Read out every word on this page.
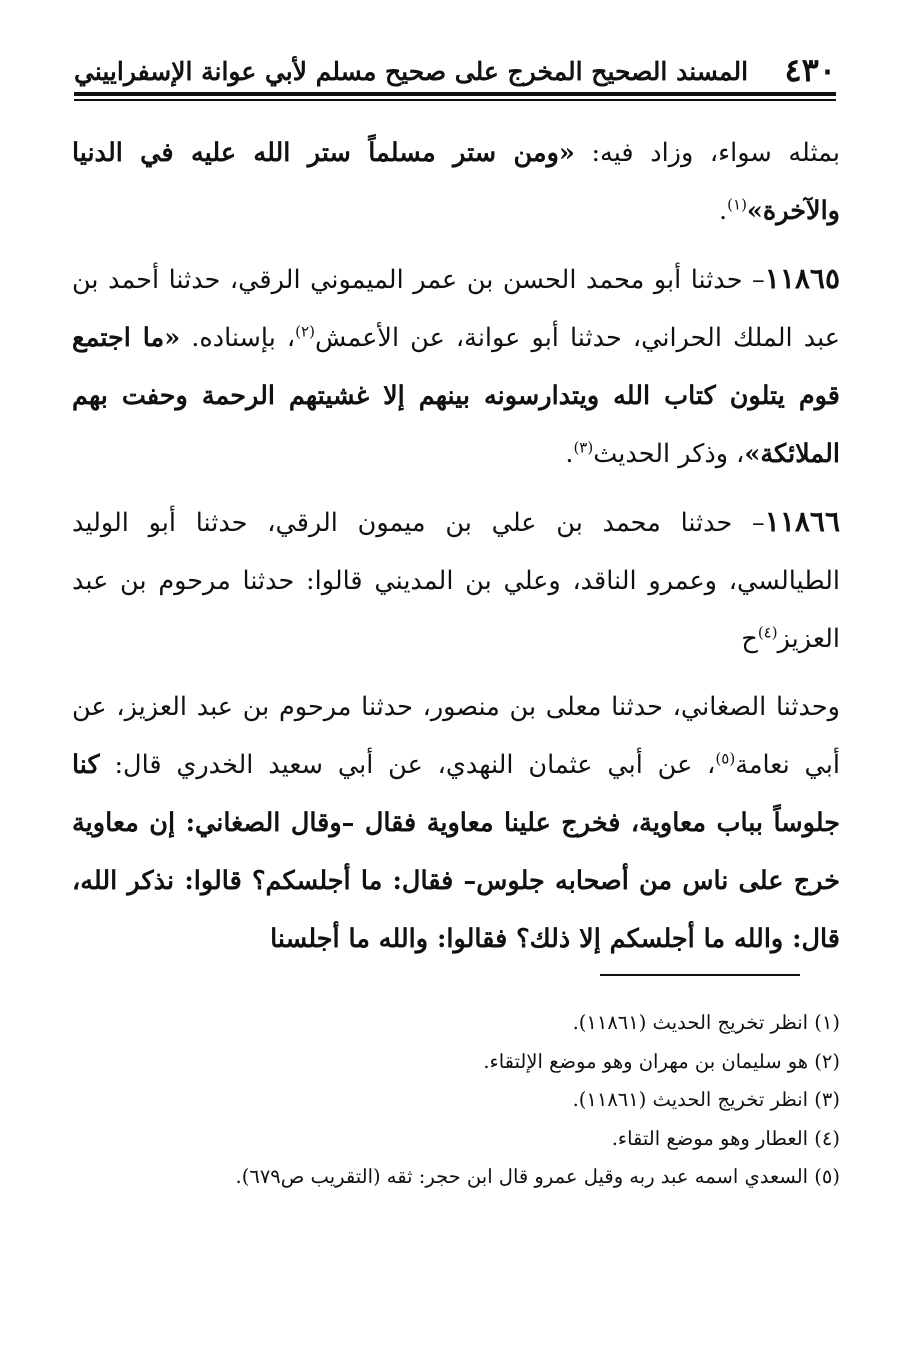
٤٣٠
المسند الصحيح المخرج على صحيح مسلم لأبي عوانة الإسفراييني

بمثله سواء، وزاد فيه: «ومن ستر مسلماً ستر الله عليه في الدنيا والآخرة»$^{(١)}$.

١١٨٦٥– حدثنا أبو محمد الحسن بن عمر الميموني الرقي، حدثنا أحمد بن عبد الملك الحراني، حدثنا أبو عوانة، عن الأعمش$^{(٢)}$، بإسناده. «ما اجتمع قوم يتلون كتاب الله ويتدارسونه بينهم إلا غشيتهم الرحمة وحفت بهم الملائكة»، وذكر الحديث$^{(٣)}$.

١١٨٦٦– حدثنا محمد بن علي بن ميمون الرقي، حدثنا أبو الوليد الطيالسي، وعمرو الناقد، وعلي بن المديني قالوا: حدثنا مرحوم بن عبد العزيز$^{(٤)}$ح

وحدثنا الصغاني، حدثنا معلى بن منصور، حدثنا مرحوم بن عبد العزيز، عن أبي نعامة$^{(٥)}$، عن أبي عثمان النهدي، عن أبي سعيد الخدري قال: كنا جلوساً بباب معاوية، فخرج علينا معاوية فقال –وقال الصغاني: إن معاوية خرج على ناس من أصحابه جلوس– فقال: ما أجلسكم؟ قالوا: نذكر الله، قال: والله ما أجلسكم إلا ذلك؟ فقالوا: والله ما أجلسنا

(١) انظر تخريج الحديث (١١٨٦١).
(٢) هو سليمان بن مهران وهو موضع الإلتقاء.
(٣) انظر تخريج الحديث (١١٨٦١).
(٤) العطار وهو موضع التقاء.
(٥) السعدي اسمه عبد ربه وقيل عمرو قال ابن حجر: ثقه (التقريب ص٦٧٩).
